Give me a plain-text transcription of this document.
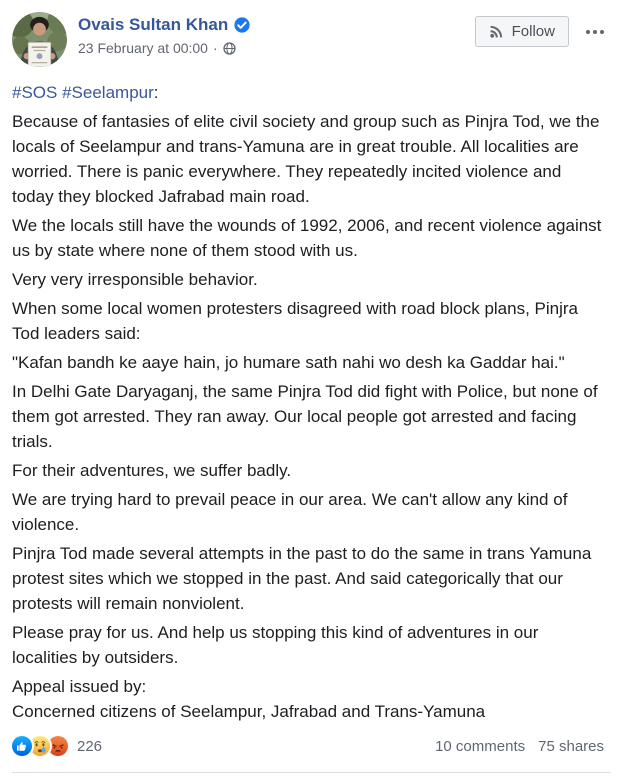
Ovais Sultan Khan
23 February at 00:00 ·
Follow

#SOS #Seelampur:

Because of fantasies of elite civil society and group such as Pinjra Tod, we the locals of Seelampur and trans-Yamuna are in great trouble. All localities are worried. There is panic everywhere. They repeatedly incited violence and today they blocked Jafrabad main road.

We the locals still have the wounds of 1992, 2006, and recent violence against us by state where none of them stood with us.

Very very irresponsible behavior.

When some local women protesters disagreed with road block plans, Pinjra Tod leaders said:

"Kafan bandh ke aaye hain, jo humare sath nahi wo desh ka Gaddar hai."

In Delhi Gate Daryaganj, the same Pinjra Tod did fight with Police, but none of them got arrested. They ran away. Our local people got arrested and facing trials.

For their adventures, we suffer badly.

We are trying hard to prevail peace in our area. We can't allow any kind of violence.

Pinjra Tod made several attempts in the past to do the same in trans Yamuna protest sites which we stopped in the past. And said categorically that our protests will remain nonviolent.

Please pray for us. And help us stopping this kind of adventures in our localities by outsiders.

Appeal issued by:
Concerned citizens of Seelampur, Jafrabad and Trans-Yamuna

226	10 comments 75 shares
